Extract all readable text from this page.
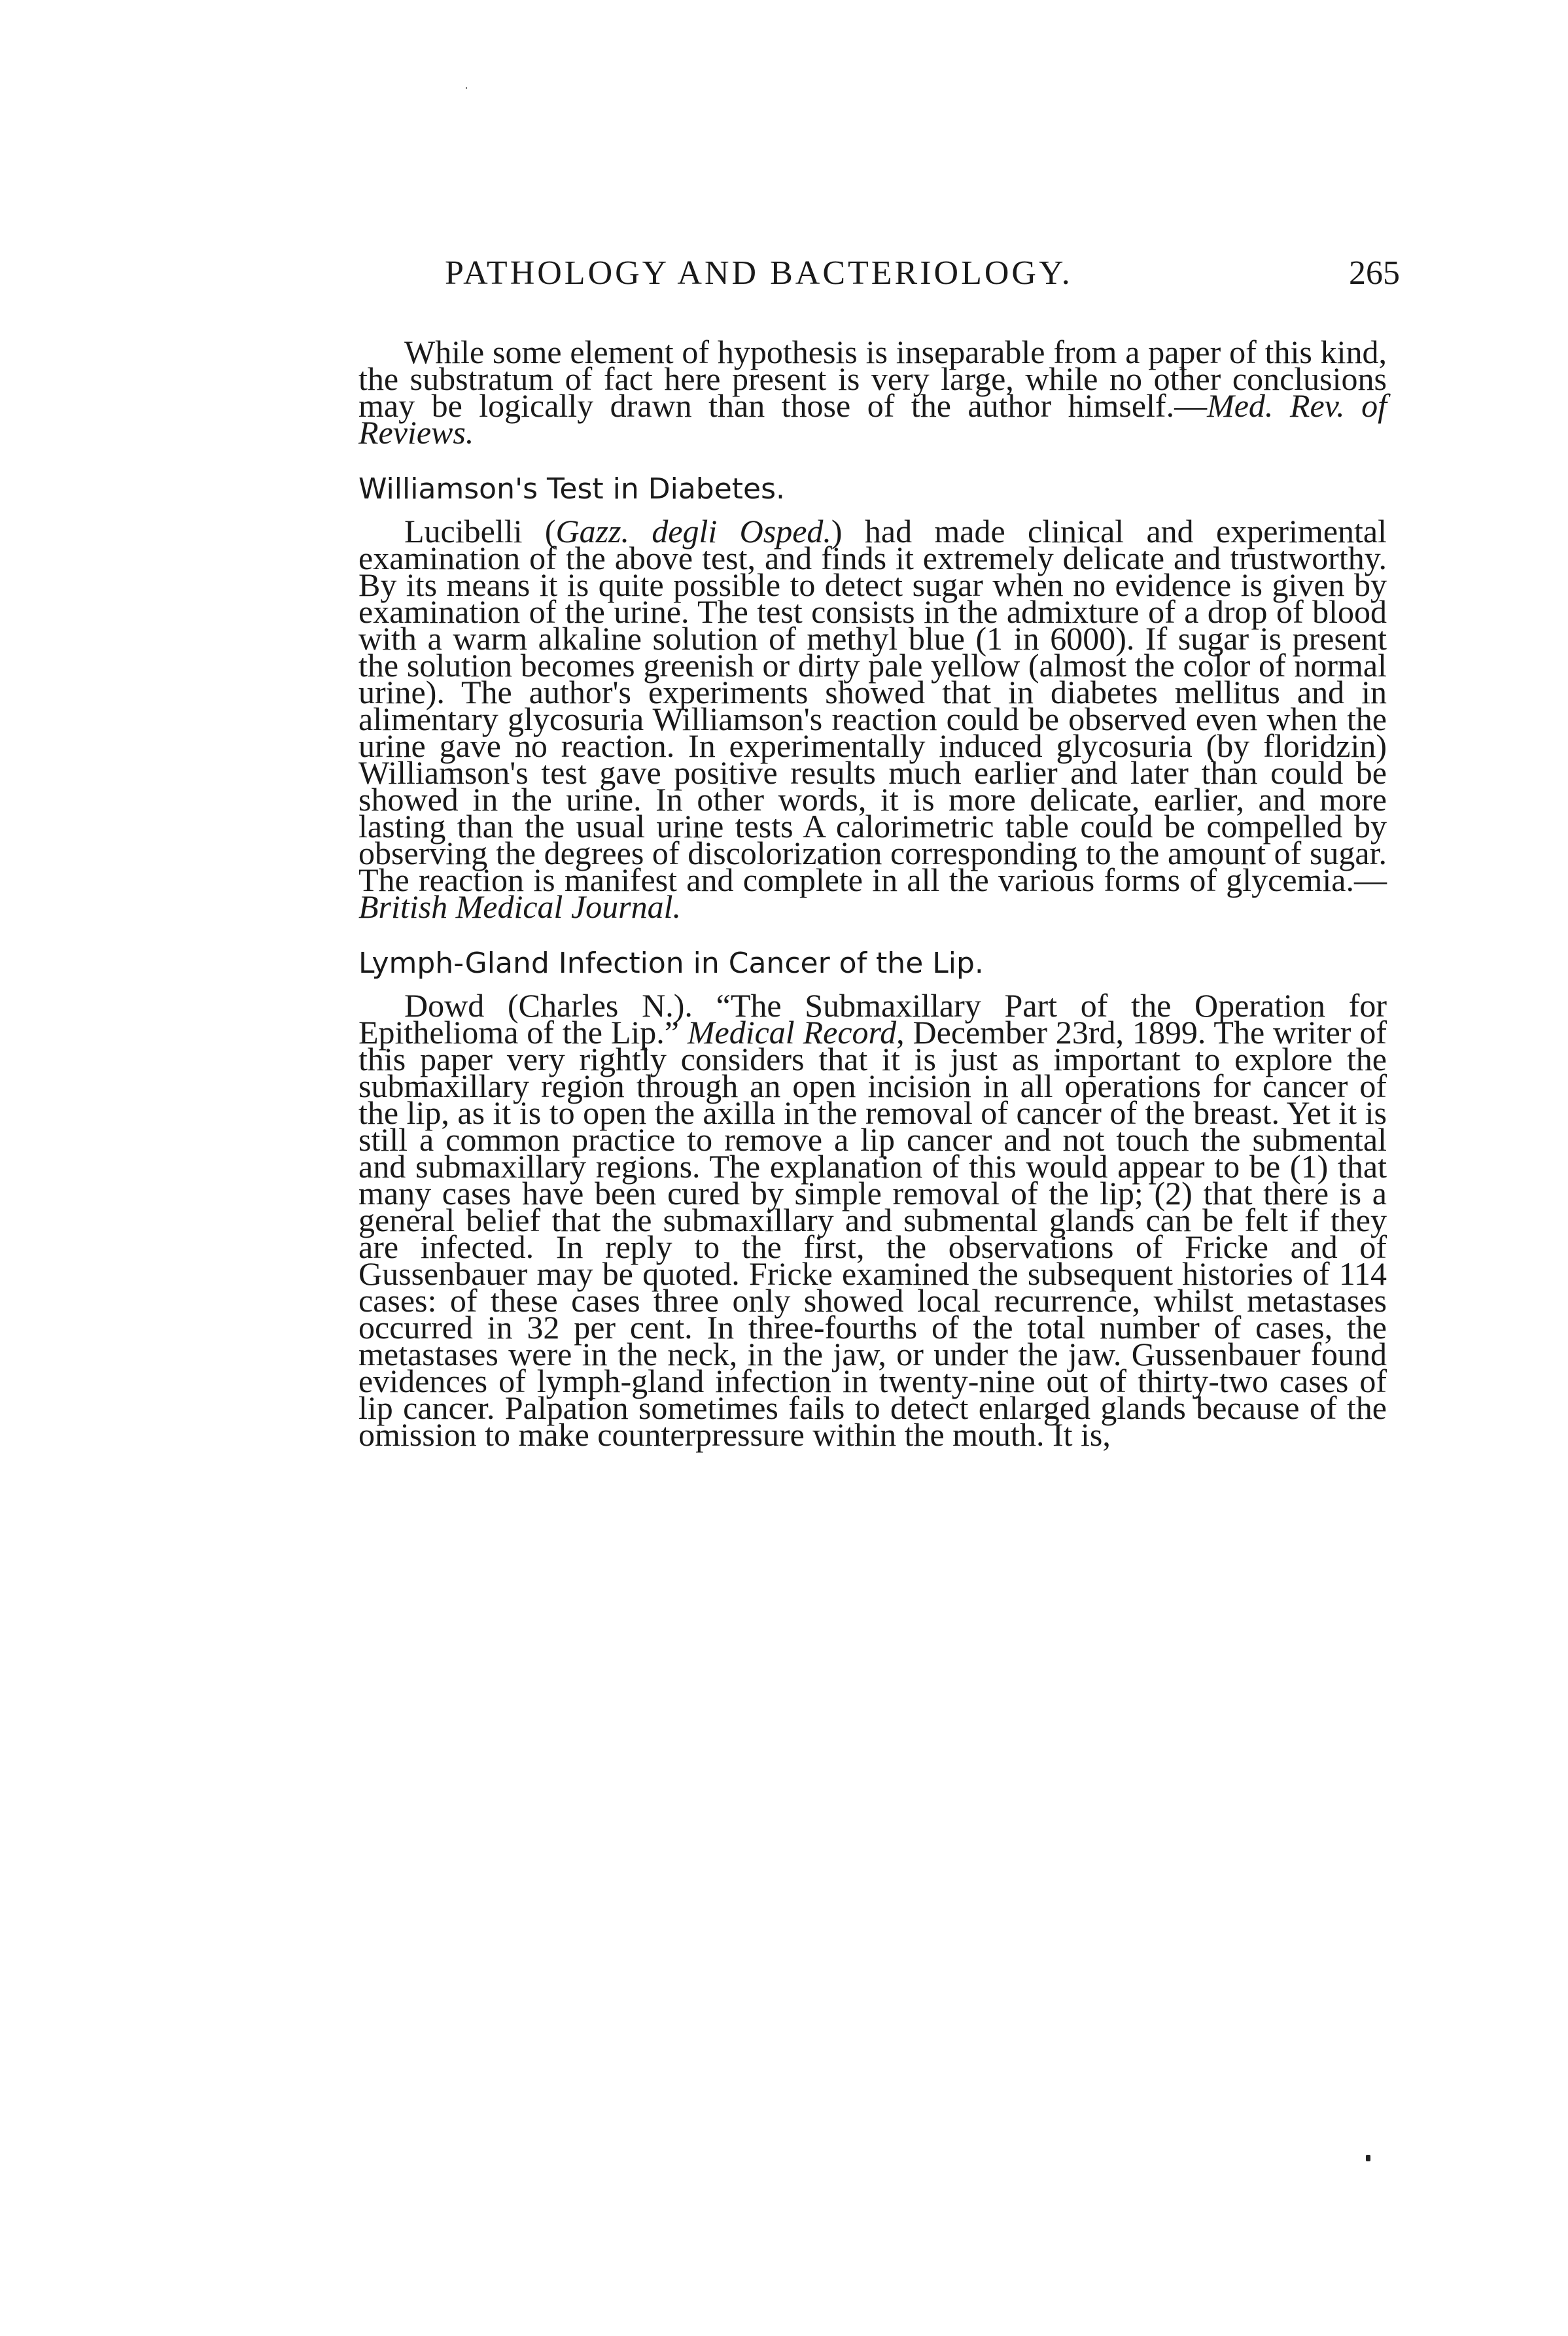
PATHOLOGY AND BACTERIOLOGY.	265

While some element of hypothesis is inseparable from a paper of this kind, the substratum of fact here present is very large, while no other conclusions may be logically drawn than those of the author himself.—Med. Rev. of Reviews.

Williamson's Test in Diabetes.

Lucibelli (Gazz. degli Osped.) had made clinical and experimental examination of the above test, and finds it extremely delicate and trustworthy. By its means it is quite possible to detect sugar when no evidence is given by examination of the urine. The test consists in the admixture of a drop of blood with a warm alkaline solution of methyl blue (1 in 6000). If sugar is present the solution becomes greenish or dirty pale yellow (almost the color of normal urine). The author's experiments showed that in diabetes mellitus and in alimentary glycosuria Williamson's reaction could be observed even when the urine gave no reaction. In experimentally induced glycosuria (by floridzin) Williamson's test gave positive results much earlier and later than could be showed in the urine. In other words, it is more delicate, earlier, and more lasting than the usual urine tests A calorimetric table could be compelled by observing the degrees of discolorization corresponding to the amount of sugar. The reaction is manifest and complete in all the various forms of glycemia.—British Medical Journal.

Lymph-Gland Infection in Cancer of the Lip.

Dowd (Charles N.). “The Submaxillary Part of the Operation for Epithelioma of the Lip.” Medical Record, December 23rd, 1899. The writer of this paper very rightly considers that it is just as important to explore the submaxillary region through an open incision in all operations for cancer of the lip, as it is to open the axilla in the removal of cancer of the breast. Yet it is still a common practice to remove a lip cancer and not touch the submental and submaxillary regions. The explanation of this would appear to be (1) that many cases have been cured by simple removal of the lip; (2) that there is a general belief that the submaxillary and submental glands can be felt if they are infected. In reply to the first, the observations of Fricke and of Gussenbauer may be quoted. Fricke examined the subsequent histories of 114 cases: of these cases three only showed local recurrence, whilst metastases occurred in 32 per cent. In three-fourths of the total number of cases, the metastases were in the neck, in the jaw, or under the jaw. Gussenbauer found evidences of lymph-gland infection in twenty-nine out of thirty-two cases of lip cancer. Palpation sometimes fails to detect enlarged glands because of the omission to make counterpressure within the mouth. It is,
